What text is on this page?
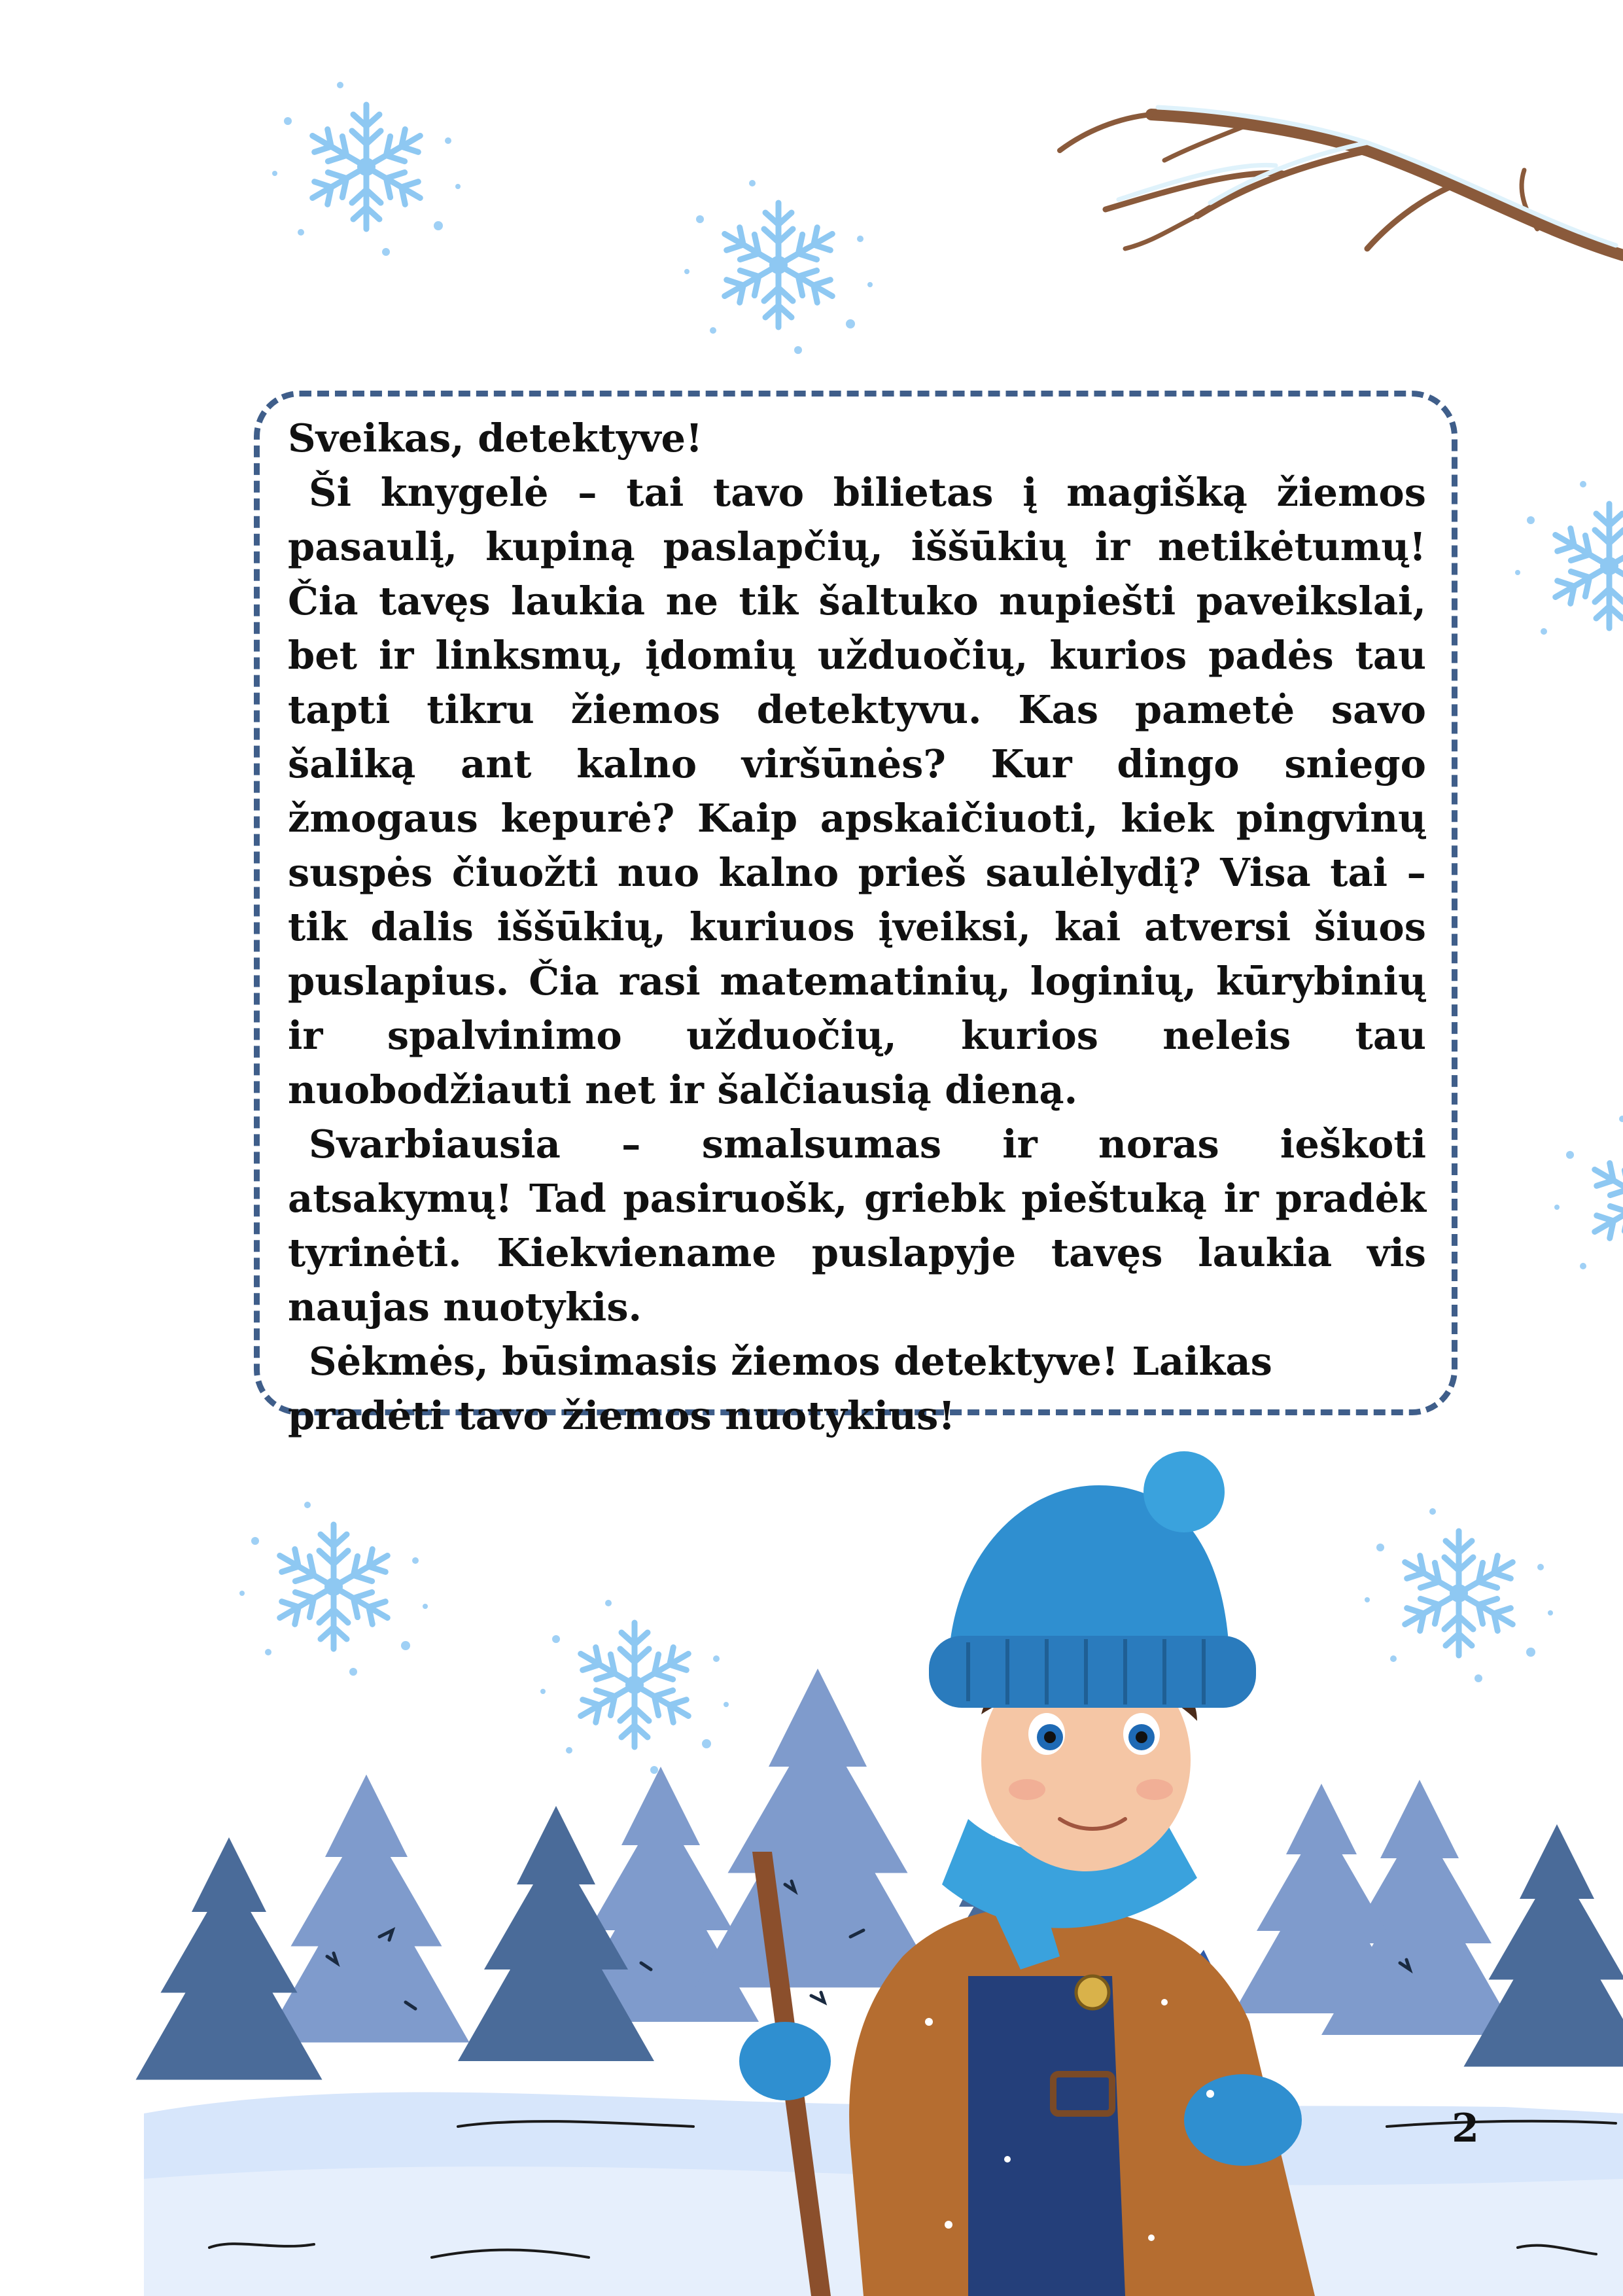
Sveikas, detektyve!

Ši knygelė – tai tavo bilietas į magišką žiemos pasaulį, kupiną paslapčių, iššūkių ir netikėtumų! Čia tavęs laukia ne tik šaltuko nupiešti paveikslai, bet ir linksmų, įdomių užduočių, kurios padės tau tapti tikru žiemos detektyvu. Kas pametė savo šaliką ant kalno viršūnės? Kur dingo sniego žmogaus kepurė? Kaip apskaičiuoti, kiek pingvinų suspės čiuožti nuo kalno prieš saulėlydį? Visa tai – tik dalis iššūkių, kuriuos įveiksi, kai atversi šiuos puslapius. Čia rasi matematinių, loginių, kūrybinių ir spalvinimo užduočių, kurios neleis tau nuobodžiauti net ir šalčiausią dieną.

Svarbiausia – smalsumas ir noras ieškoti atsakymų! Tad pasiruošk, griebk pieštuką ir pradėk tyrinėti. Kiekviename puslapyje tavęs laukia vis naujas nuotykis.

Sėkmės, būsimasis žiemos detektyve! Laikas pradėti tavo žiemos nuotykius!

2
